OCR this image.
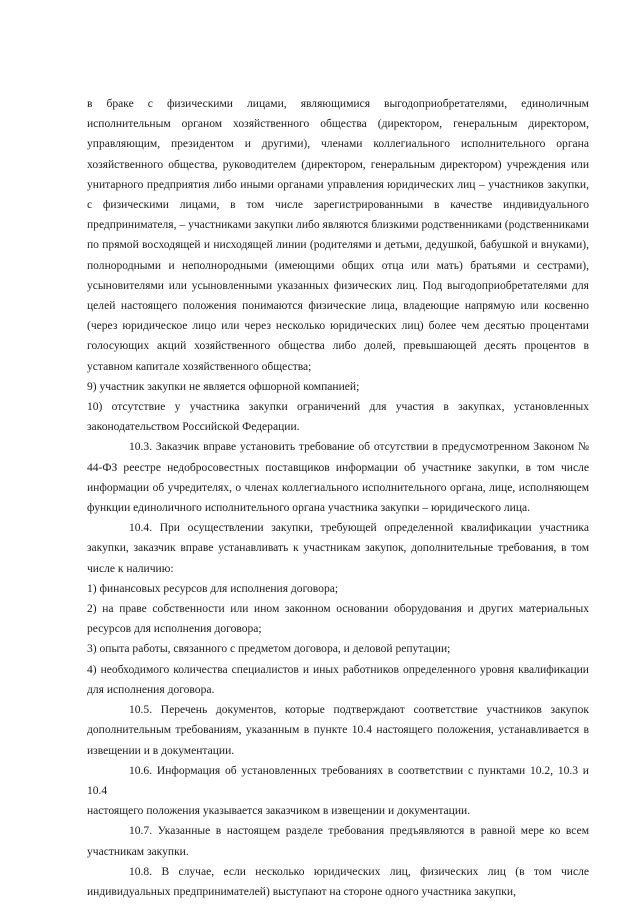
в браке с физическими лицами, являющимися выгодоприобретателями, единоличным исполнительным органом хозяйственного общества (директором, генеральным директором, управляющим, президентом и другими), членами коллегиального исполнительного органа хозяйственного общества, руководителем (директором, генеральным директором) учреждения или унитарного предприятия либо иными органами управления юридических лиц – участников закупки, с физическими лицами, в том числе зарегистрированными в качестве индивидуального предпринимателя, – участниками закупки либо являются близкими родственниками (родственниками по прямой восходящей и нисходящей линии (родителями и детьми, дедушкой, бабушкой и внуками), полнородными и неполнородными (имеющими общих отца или мать) братьями и сестрами), усыновителями или усыновленными указанных физических лиц. Под выгодоприобретателями для целей настоящего положения понимаются физические лица, владеющие напрямую или косвенно (через юридическое лицо или через несколько юридических лиц) более чем десятью процентами голосующих акций хозяйственного общества либо долей, превышающей десять процентов в уставном капитале хозяйственного общества;

9) участник закупки не является офшорной компанией;

10) отсутствие у участника закупки ограничений для участия в закупках, установленных законодательством Российской Федерации.

10.3. Заказчик вправе установить требование об отсутствии в предусмотренном Законом № 44-ФЗ реестре недобросовестных поставщиков информации об участнике закупки, в том числе информации об учредителях, о членах коллегиального исполнительного органа, лице, исполняющем функции единоличного исполнительного органа участника закупки – юридического лица.

10.4. При осуществлении закупки, требующей определенной квалификации участника закупки, заказчик вправе устанавливать к участникам закупок, дополнительные требования, в том числе к наличию:

1) финансовых ресурсов для исполнения договора;

2) на праве собственности или ином законном основании оборудования и других материальных ресурсов для исполнения договора;

3) опыта работы, связанного с предметом договора, и деловой репутации;

4) необходимого количества специалистов и иных работников определенного уровня квалификации для исполнения договора.

10.5. Перечень документов, которые подтверждают соответствие участников закупок дополнительным требованиям, указанным в пункте 10.4 настоящего положения, устанавливается в извещении и в документации.

10.6. Информация об установленных требованиях в соответствии с пунктами 10.2, 10.3 и 10.4

настоящего положения указывается заказчиком в извещении и документации.

10.7. Указанные в настоящем разделе требования предъявляются в равной мере ко всем участникам закупки.

10.8. В случае, если несколько юридических лиц, физических лиц (в том числе индивидуальных предпринимателей) выступают на стороне одного участника закупки,
